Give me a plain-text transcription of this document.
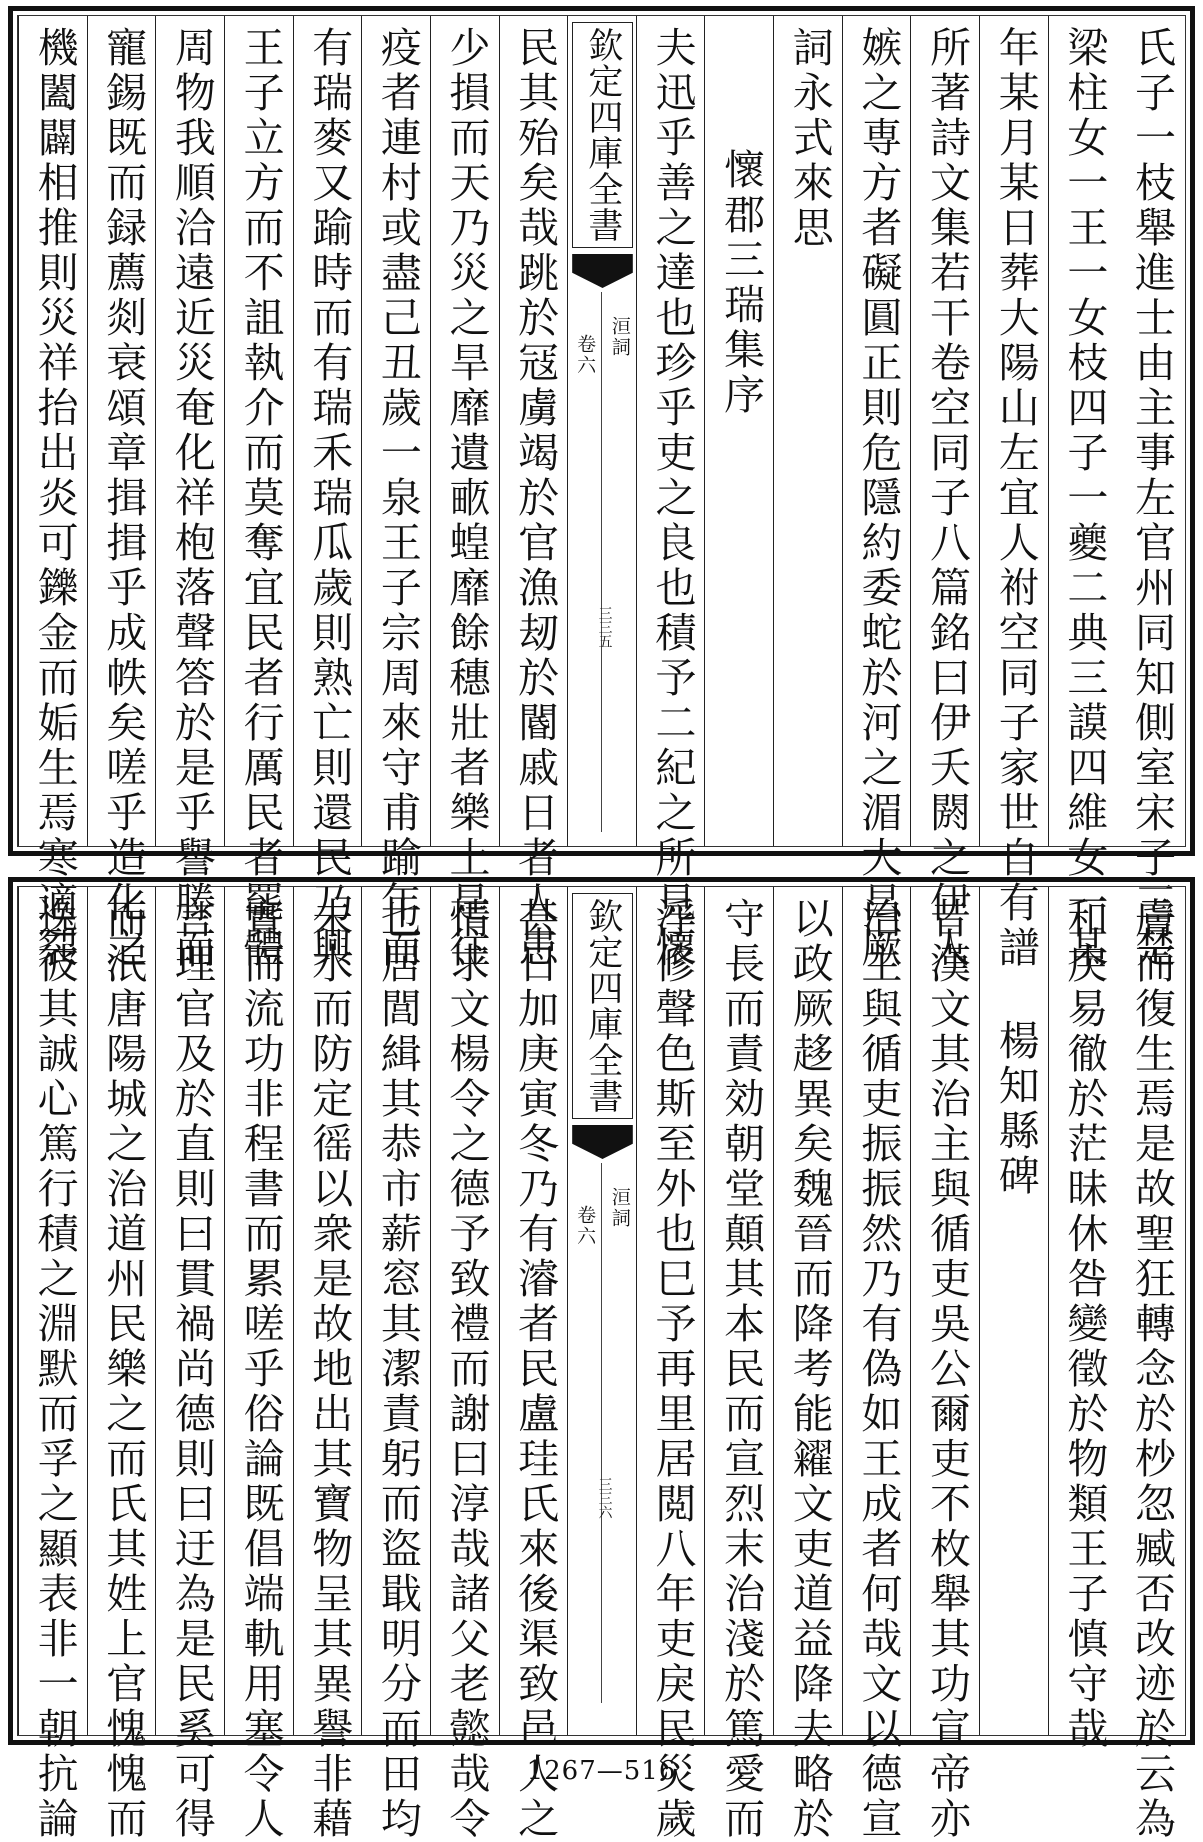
氏子一枝舉進士由主事左官州同知側室宋子三楚
梁柱女一王一女枝四子一夔二典三謨四維女一某
年某月某日葬大陽山左宜人祔空同子家世自有譜
所著詩文集若干卷空同子八篇銘曰伊夭閼之伊人
嫉之専方者礙圓正則危隱約委蛇於河之湄大昌厥
詞永式來思
懷郡三瑞集序
夫迅乎善之達也珍乎吏之良也積予二紀之所見懷
欽定四庫全書
洹詞
卷六
三三五
民其殆矣哉跳於冦虜竭於官漁刼於閽戚日者人患
少損而天乃災之旱靡遺畞蝗靡餘穗壯者樂土是往
疫者連村或盡己丑歲一泉王子宗周來守甫踰年而
有瑞麥又踰時而有瑞禾瑞瓜歲則熟亡則還民乃興
王子立方而不詛執介而莫奪宜民者行厲民者罷體
周物我順洽遠近災奄化祥枹落聲答於是乎譽滕而
寵錫既而録薦剡衰頌章揖揖乎成帙矣嗟乎造化之
機闔闢相推則災祥抬出炎可鑠金而姤生焉寒適裂
膚而復生焉是故聖狂轉念於杪忽臧否改迹於云為
和戾易徹於茫昧休咎變徵於物類王子慎守哉
楊知縣碑
昔漢文其治主與循吏吳公爾吏不枚舉其功宣帝亦
治主與循吏振振然乃有偽如王成者何哉文以德宣
以政厥趍異矣魏晉而降考能糴文吏道益降夫略於
守長而責効朝堂顛其本民而宣烈末治淺於篤愛而
浮修聲色斯至外也巳予再里居閲八年吏戾民災歲
欽定四庫全書
洹詞
卷六
三三六
甚日加庚寅冬乃有濬者民盧珪氏來後渠致邑人之
情求文楊令之德予致禮而謝曰淳哉諸父老懿哉令
也居閭緝其恭市薪窓其潔責躬而盜戢明分而田均
未水而防定徭以衆是故地出其寶物呈其異譽非藉
實而流功非程書而累嗟乎俗論既倡端軌用塞令人
言理官及於直則曰貫禍尚德則曰迂為是民奚可得
而泯唐陽城之治道州民樂之而氏其姓上官愧愧而
逸彼其誠心篤行積之淵默而孚之顯表非一朝抗論	1267—516
